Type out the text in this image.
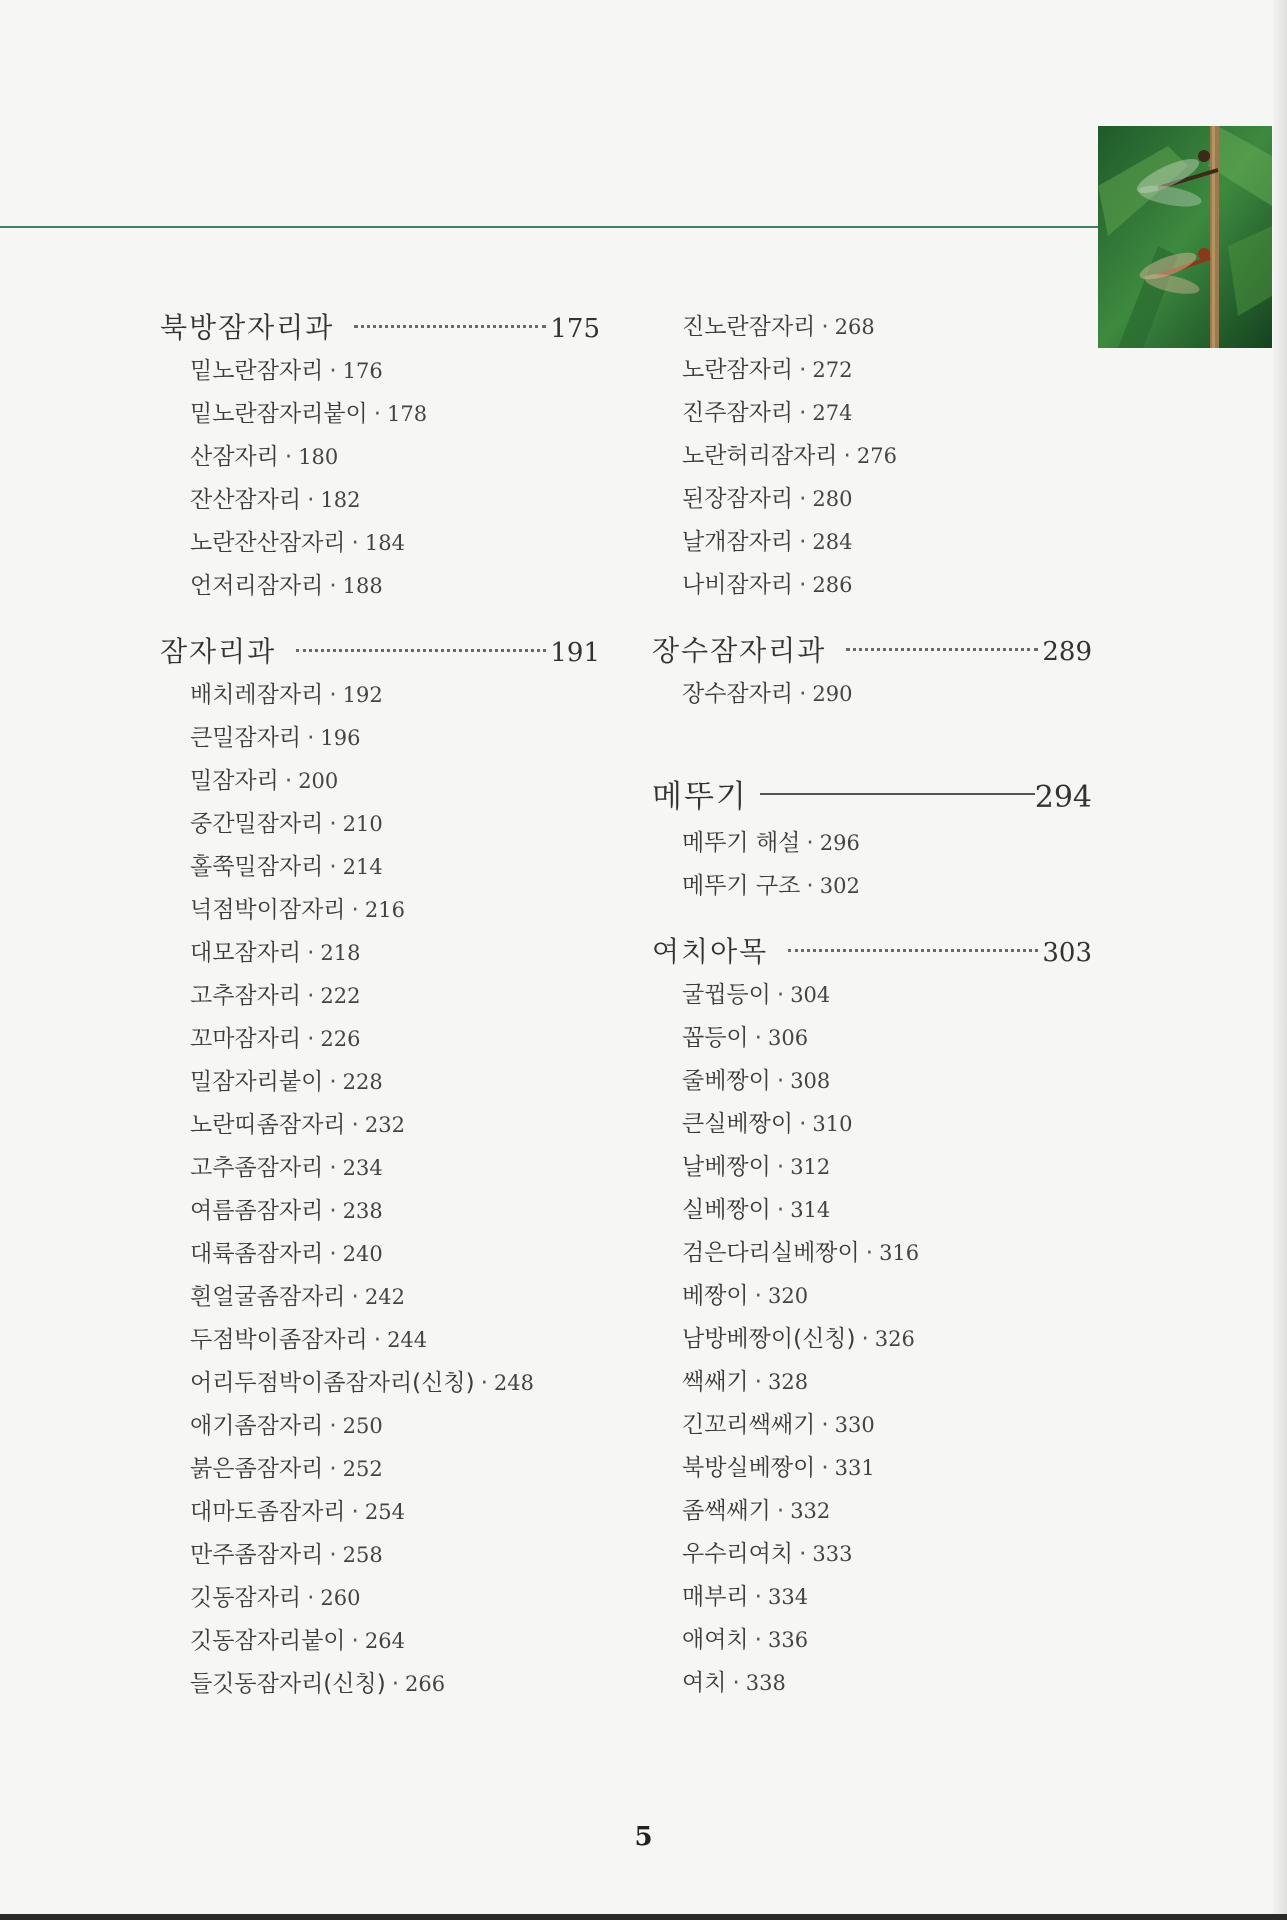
북방잠자리과	175
밑노란잠자리 · 176
밑노란잠자리붙이 · 178
산잠자리 · 180
잔산잠자리 · 182
노란잔산잠자리 · 184
언저리잠자리 · 188
잠자리과	191
배치레잠자리 · 192
큰밀잠자리 · 196
밀잠자리 · 200
중간밀잠자리 · 210
홀쭉밀잠자리 · 214
넉점박이잠자리 · 216
대모잠자리 · 218
고추잠자리 · 222
꼬마잠자리 · 226
밀잠자리붙이 · 228
노란띠좀잠자리 · 232
고추좀잠자리 · 234
여름좀잠자리 · 238
대륙좀잠자리 · 240
흰얼굴좀잠자리 · 242
두점박이좀잠자리 · 244
어리두점박이좀잠자리(신칭) · 248
애기좀잠자리 · 250
붉은좀잠자리 · 252
대마도좀잠자리 · 254
만주좀잠자리 · 258
깃동잠자리 · 260
깃동잠자리붙이 · 264
들깃동잠자리(신칭) · 266
진노란잠자리 · 268
노란잠자리 · 272
진주잠자리 · 274
노란허리잠자리 · 276
된장잠자리 · 280
날개잠자리 · 284
나비잠자리 · 286
장수잠자리과	289
장수잠자리 · 290
메뚜기	294
메뚜기 해설 · 296
메뚜기 구조 · 302
여치아목	303
굴뀝등이 · 304
꼽등이 · 306
줄베짱이 · 308
큰실베짱이 · 310
날베짱이 · 312
실베짱이 · 314
검은다리실베짱이 · 316
베짱이 · 320
남방베짱이(신칭) · 326
쌕쌔기 · 328
긴꼬리쌕쌔기 · 330
북방실베짱이 · 331
좀쌕쌔기 · 332
우수리여치 · 333
매부리 · 334
애여치 · 336
여치 · 338
5
